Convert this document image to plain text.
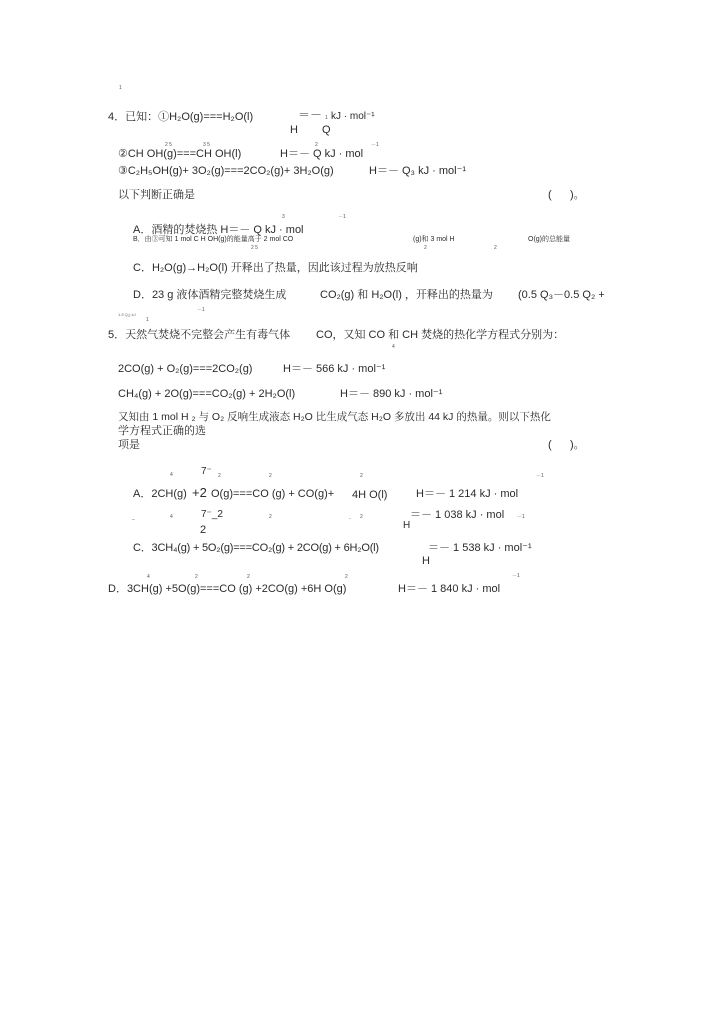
1
4．已知：①H₂O(g)===H₂O(l)	＝－ 1 kJ · mol⁻¹
H Q
2 5	3 5	2	－1
②CH OH(g)===CH OH(l)	H＝－ Q kJ · mol
③C₂H₅OH(g)+ 3O₂(g)===2CO₂(g)+ 3H₂O(g)	H＝－ Q₃ kJ · mol⁻¹
以下判断正确是	(      )。
3	－1
A．酒精的焚烧热 H＝－ Q kJ · mol
B．由③可知 1 mol C H OH(g)的能量高于 2 mol CO	(g)和 3 mol H	O(g)的总能量
2 5	2	2
C．H₂O(g)→H₂O(l) 开释出了热量，因此该过程为放热反响
D．23 g 液体酒精完整焚烧生成	CO₂(g) 和 H₂O(l) ，开释出的热量为 (0.5 Q₃－0.5 Q₂ +
－1
1.5 Q₁) kJ
1
5．天然气焚烧不完整会产生有毒气体 CO，又知 CO 和 CH 焚烧的热化学方程式分别为：
4
2CO(g) + O₂(g)===2CO₂(g)	H＝－ 566 kJ · mol⁻¹
CH₄(g) + 2O(g)===CO₂(g) + 2H₂O(l)	H＝－ 890 kJ · mol⁻¹
又知由 1 mol H ₂ 与 O₂ 反响生成液态 H₂O 比生成气态 H₂O 多放出 44 kJ 的热量。则以下热化
学方程式正确的选
项是	(      )。
4	7⁻ 2	2	2	－1
A．2CH(g) +2 O(g)===CO (g) + CO(g)+ 4H O(l)	H＝－ 1 214 kJ · mol
7⁻_2
_	4	2	- 2	＝－ 1 038 kJ · mol	－1
H
2
C．3CH₄(g) + 5O₂(g)===CO₂(g) + 2CO(g) + 6H₂O(l)	＝－ 1 538 kJ · mol⁻¹
H
4	2	2	2	－1
D．3CH(g) +5O(g)===CO (g) +2CO(g) +6H O(g)	H＝－ 1 840 kJ · mol
